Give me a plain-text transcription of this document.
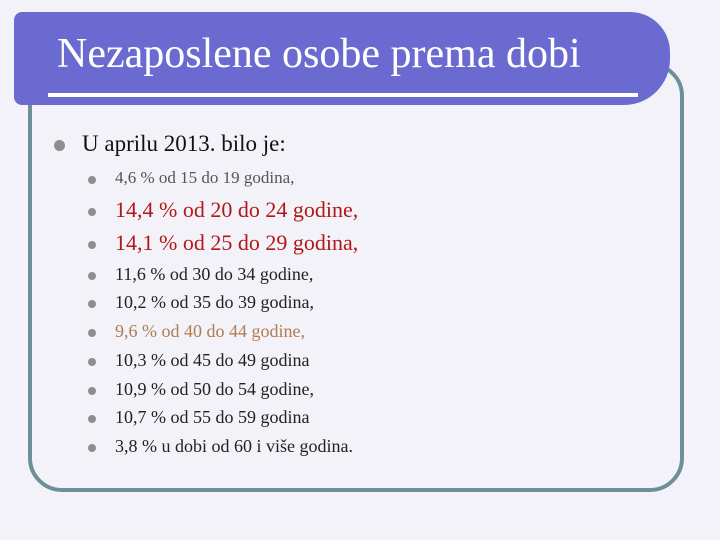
Nezaposlene osobe prema dobi
U aprilu 2013. bilo je:
4,6 % od 15 do 19 godina,
14,4 % od 20 do 24 godine,
14,1 % od 25 do 29 godina,
11,6 % od 30 do 34 godine,
10,2 % od 35 do 39 godina,
9,6 % od 40 do 44 godine,
10,3 % od 45 do 49 godina
10,9 % od 50 do 54 godine,
10,7 % od 55 do 59 godina
3,8 % u dobi od 60 i više godina.
